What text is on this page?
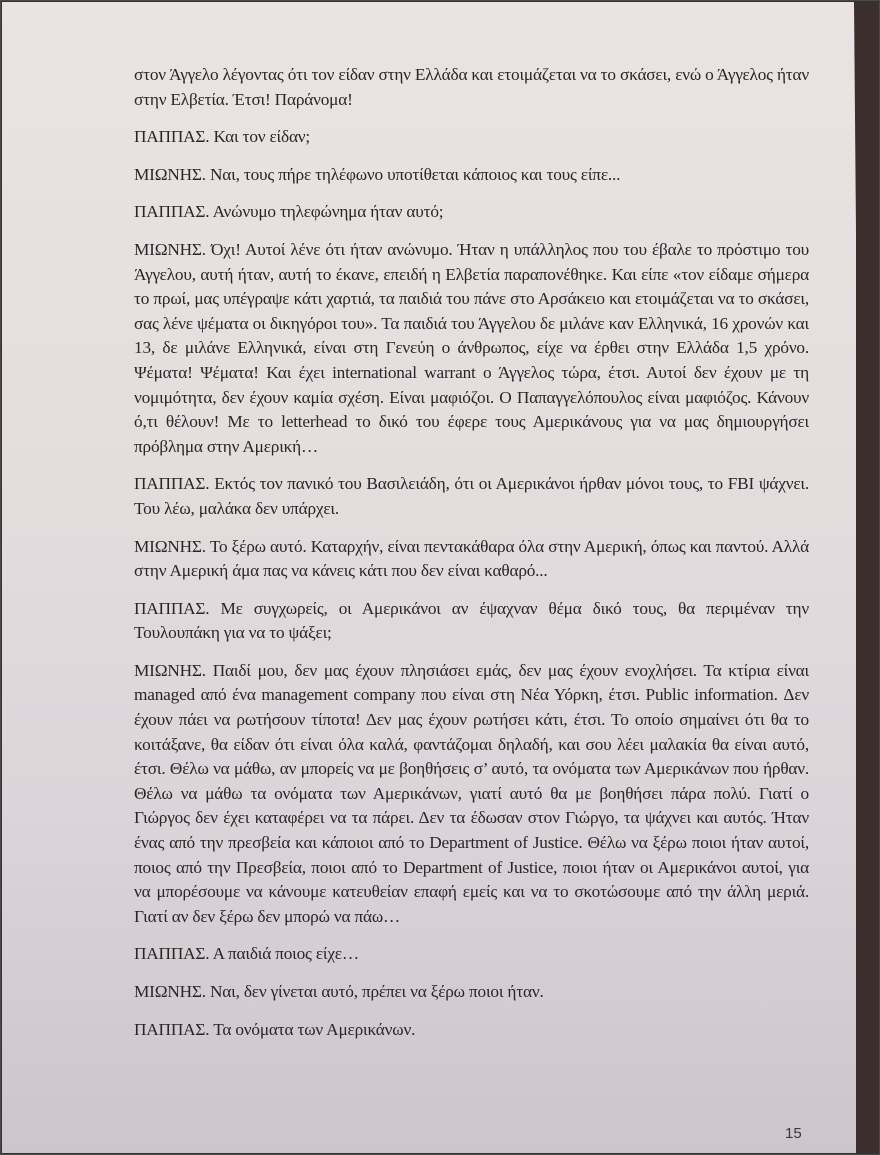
στον Άγγελο λέγοντας ότι τον είδαν στην Ελλάδα και ετοιμάζεται να το σκάσει, ενώ ο Άγγελος ήταν στην Ελβετία. Έτσι! Παράνομα!

ΠΑΠΠΑΣ. Και τον είδαν;

ΜΙΩΝΗΣ. Ναι, τους πήρε τηλέφωνο υποτίθεται κάποιος και τους είπε...

ΠΑΠΠΑΣ. Ανώνυμο τηλεφώνημα ήταν αυτό;

ΜΙΩΝΗΣ. Όχι! Αυτοί λένε ότι ήταν ανώνυμο. Ήταν η υπάλληλος που του έβαλε το πρόστιμο του Άγγελου, αυτή ήταν, αυτή το έκανε, επειδή η Ελβετία παραπονέθηκε. Και είπε «τον είδαμε σήμερα το πρωί, μας υπέγραψε κάτι χαρτιά, τα παιδιά του πάνε στο Αρσάκειο και ετοιμάζεται να το σκάσει, σας λένε ψέματα οι δικηγόροι του». Τα παιδιά του Άγγελου δε μιλάνε καν Ελληνικά, 16 χρονών και 13, δε μιλάνε Ελληνικά, είναι στη Γενεύη ο άνθρωπος, είχε να έρθει στην Ελλάδα 1,5 χρόνο. Ψέματα! Ψέματα! Και έχει international warrant ο Άγγελος τώρα, έτσι. Αυτοί δεν έχουν με τη νομιμότητα, δεν έχουν καμία σχέση. Είναι μαφιόζοι. Ο Παπαγγελόπουλος είναι μαφιόζος. Κάνουν ό,τι θέλουν! Με το letterhead το δικό του έφερε τους Αμερικάνους για να μας δημιουργήσει πρόβλημα στην Αμερική…

ΠΑΠΠΑΣ. Εκτός τον πανικό του Βασιλειάδη, ότι οι Αμερικάνοι ήρθαν μόνοι τους, το FBI ψάχνει. Του λέω, μαλάκα δεν υπάρχει.

ΜΙΩΝΗΣ. Το ξέρω αυτό. Καταρχήν, είναι πεντακάθαρα όλα στην Αμερική, όπως και παντού. Αλλά στην Αμερική άμα πας να κάνεις κάτι που δεν είναι καθαρό...

ΠΑΠΠΑΣ. Με συγχωρείς, οι Αμερικάνοι αν έψαχναν θέμα δικό τους, θα περιμέναν την Τουλουπάκη για να το ψάξει;

ΜΙΩΝΗΣ. Παιδί μου, δεν μας έχουν πλησιάσει εμάς, δεν μας έχουν ενοχλήσει. Τα κτίρια είναι managed από ένα management company που είναι στη Νέα Υόρκη, έτσι. Public information. Δεν έχουν πάει να ρωτήσουν τίποτα! Δεν μας έχουν ρωτήσει κάτι, έτσι. Το οποίο σημαίνει ότι θα το κοιτάξανε, θα είδαν ότι είναι όλα καλά, φαντάζομαι δηλαδή, και σου λέει μαλακία θα είναι αυτό, έτσι. Θέλω να μάθω, αν μπορείς να με βοηθήσεις σ’ αυτό, τα ονόματα των Αμερικάνων που ήρθαν. Θέλω να μάθω τα ονόματα των Αμερικάνων, γιατί αυτό θα με βοηθήσει πάρα πολύ. Γιατί ο Γιώργος δεν έχει καταφέρει να τα πάρει. Δεν τα έδωσαν στον Γιώργο, τα ψάχνει και αυτός. Ήταν ένας από την πρεσβεία και κάποιοι από το Department of Justice. Θέλω να ξέρω ποιοι ήταν αυτοί, ποιος από την Πρεσβεία, ποιοι από το Department of Justice, ποιοι ήταν οι Αμερικάνοι αυτοί, για να μπορέσουμε να κάνουμε κατευθείαν επαφή εμείς και να το σκοτώσουμε από την άλλη μεριά. Γιατί αν δεν ξέρω δεν μπορώ να πάω…

ΠΑΠΠΑΣ. Α παιδιά ποιος είχε…

ΜΙΩΝΗΣ. Ναι, δεν γίνεται αυτό, πρέπει να ξέρω ποιοι ήταν.

ΠΑΠΠΑΣ. Τα ονόματα των Αμερικάνων.

15
